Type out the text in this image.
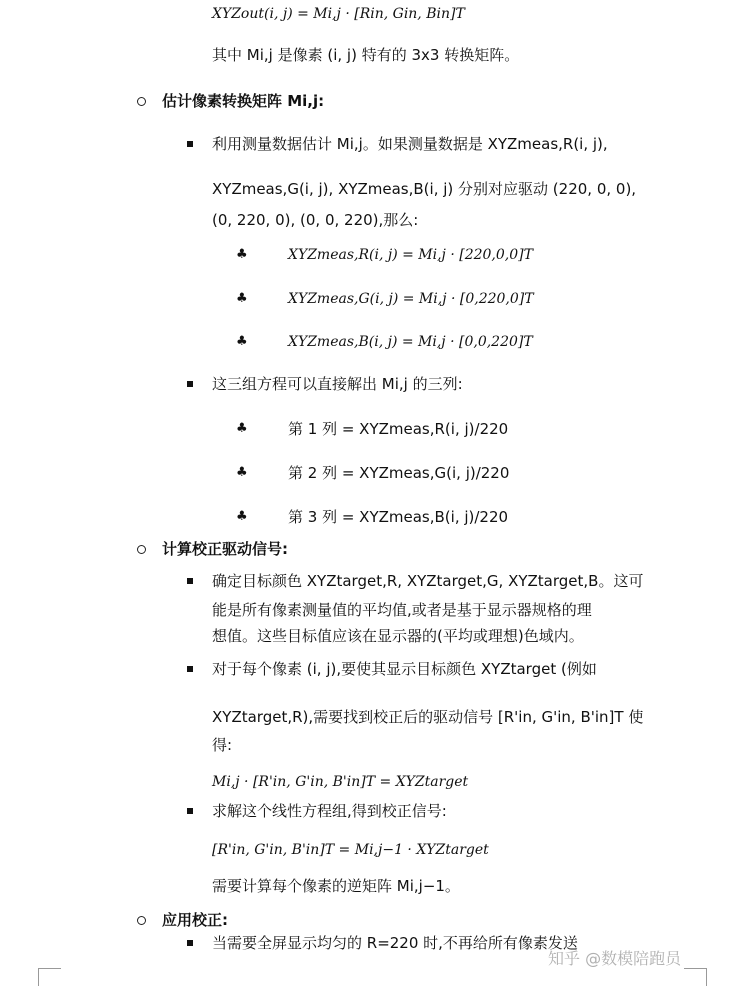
XYZout(i, j) = Mi,j · [Rin, Gin, Bin]T
其中 Mi,j 是像素 (i, j) 特有的 3x3 转换矩阵。
估计像素转换矩阵 Mi,j:
利用测量数据估计 Mi,j。如果测量数据是 XYZmeas,R(i, j),
XYZmeas,G(i, j), XYZmeas,B(i, j) 分别对应驱动 (220, 0, 0),
(0, 220, 0), (0, 0, 220),那么:
♣	XYZmeas,R(i, j) = Mi,j · [220,0,0]T
♣	XYZmeas,G(i, j) = Mi,j · [0,220,0]T
♣	XYZmeas,B(i, j) = Mi,j · [0,0,220]T
这三组方程可以直接解出 Mi,j 的三列:
♣	第 1 列 = XYZmeas,R(i, j)/220
♣	第 2 列 = XYZmeas,G(i, j)/220
♣	第 3 列 = XYZmeas,B(i, j)/220
计算校正驱动信号:
确定目标颜色 XYZtarget,R, XYZtarget,G, XYZtarget,B。这可
能是所有像素测量值的平均值,或者是基于显示器规格的理
想值。这些目标值应该在显示器的(平均或理想)色域内。
对于每个像素 (i, j),要使其显示目标颜色 XYZtarget (例如
XYZtarget,R),需要找到校正后的驱动信号 [R'in, G'in, B'in]T 使
得:
Mi,j · [R'in, G'in, B'in]T = XYZtarget
求解这个线性方程组,得到校正信号:
[R'in, G'in, B'in]T = Mi,j−1 · XYZtarget
需要计算每个像素的逆矩阵 Mi,j−1。
应用校正:
当需要全屏显示均匀的 R=220 时,不再给所有像素发送
知乎 @数模陪跑员
